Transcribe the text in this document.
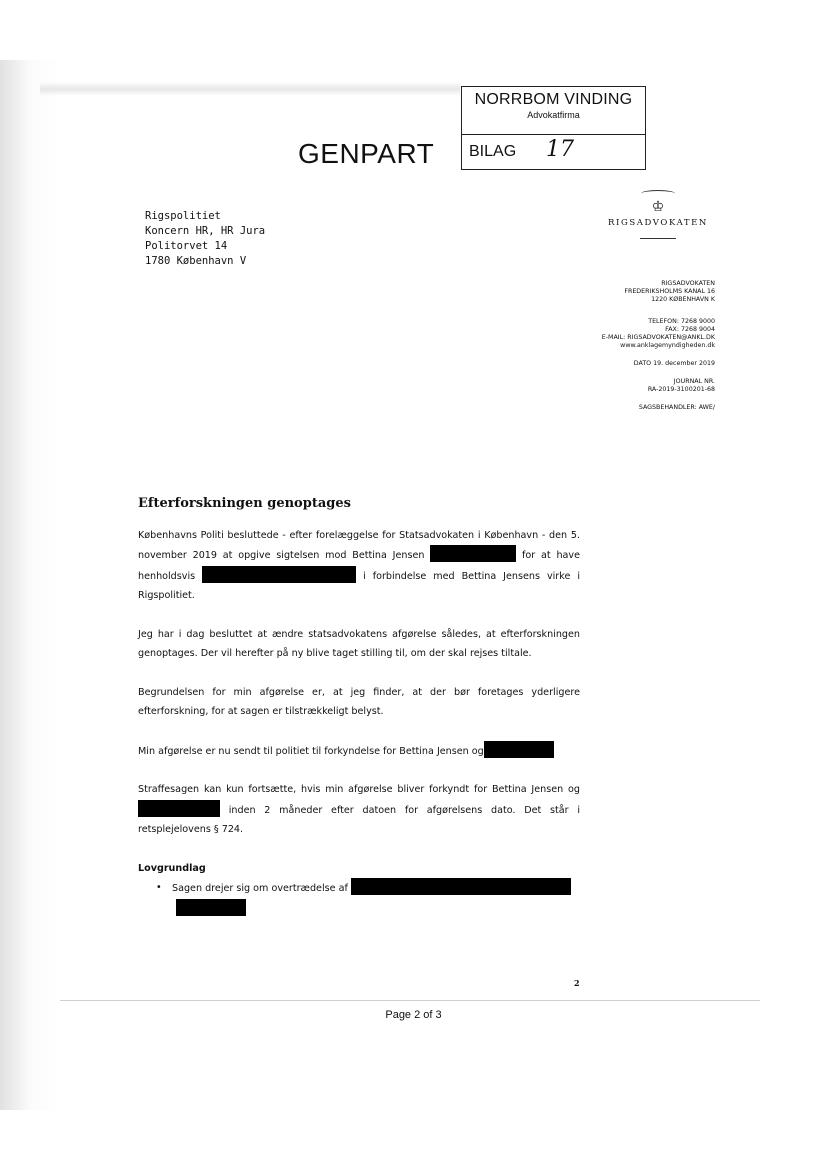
NORRBOM VINDING
Advokatfirma
BILAG 17
GENPART
Rigspolitiet
Koncern HR, HR Jura
Politorvet 14
1780 København V
♔
RIGSADVOKATEN
RIGSADVOKATEN
FREDERIKSHOLMS KANAL 16
1220 KØBENHAVN K
TELEFON: 7268 9000
FAX: 7268 9004
E-MAIL: RIGSADVOKATEN@ANKL.DK
www.anklagemyndigheden.dk
DATO 19. december 2019
JOURNAL NR.
RA-2019-3100201-68
SAGSBEHANDLER: AWE/
Efterforskningen genoptages
Københavns Politi besluttede - efter forelæggelse for Statsadvokaten i København - den 5. november 2019 at opgive sigtelsen mod Bettina Jensen	for at have henholdsvis	i forbindelse med Bettina Jensens virke i Rigspolitiet.
Jeg har i dag besluttet at ændre statsadvokatens afgørelse således, at efterforskningen genoptages. Der vil herefter på ny blive taget stilling til, om der skal rejses tiltale.
Begrundelsen for min afgørelse er, at jeg finder, at der bør foretages yderligere efterforskning, for at sagen er tilstrækkeligt belyst.
Min afgørelse er nu sendt til politiet til forkyndelse for Bettina Jensen og
Straffesagen kan kun fortsætte, hvis min afgørelse bliver forkyndt for Bettina Jensen og  inden 2 måneder efter datoen for afgørelsens dato. Det står i retsplejelovens § 724.
Lovgrundlag
• Sagen drejer sig om overtrædelse af

2
Page 2 of 3
